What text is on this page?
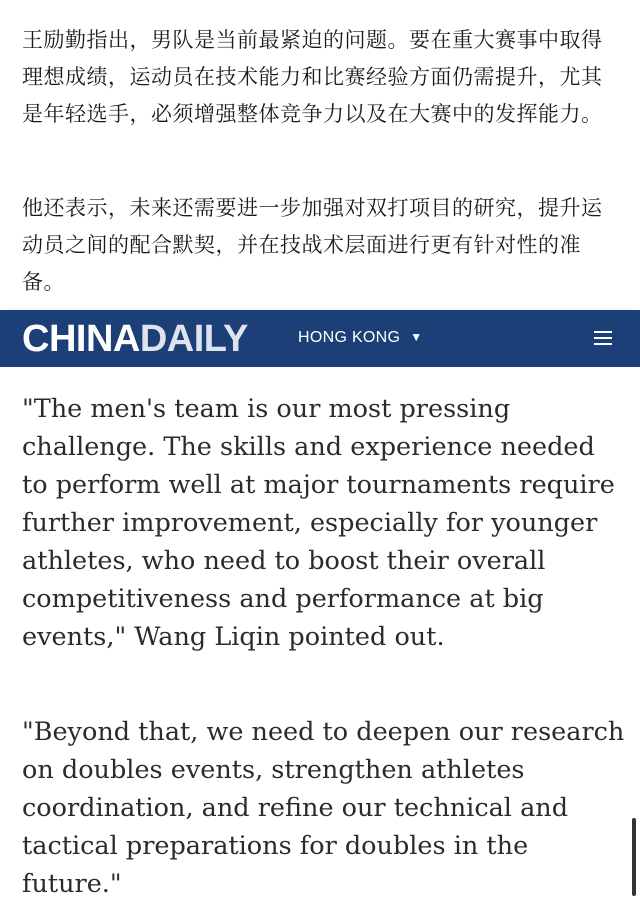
王励勤指出，男队是当前最紧迫的问题。要在重大赛事中取得理想成绩，运动员在技术能力和比赛经验方面仍需提升，尤其是年轻选手，必须增强整体竞争力以及在大赛中的发挥能力。

他还表示，未来还需要进一步加强对双打项目的研究，提升运动员之间的配合默契，并在技战术层面进行更有针对性的准备。

CHINADAILY	HONG KONG ▼

"The men's team is our most pressing challenge. The skills and experience needed to perform well at major tournaments require further improvement, especially for younger athletes, who need to boost their overall competitiveness and performance at big events," Wang Liqin pointed out.

"Beyond that, we need to deepen our research on doubles events, strengthen athletes coordination, and refine our technical and tactical preparations for doubles in the future."
